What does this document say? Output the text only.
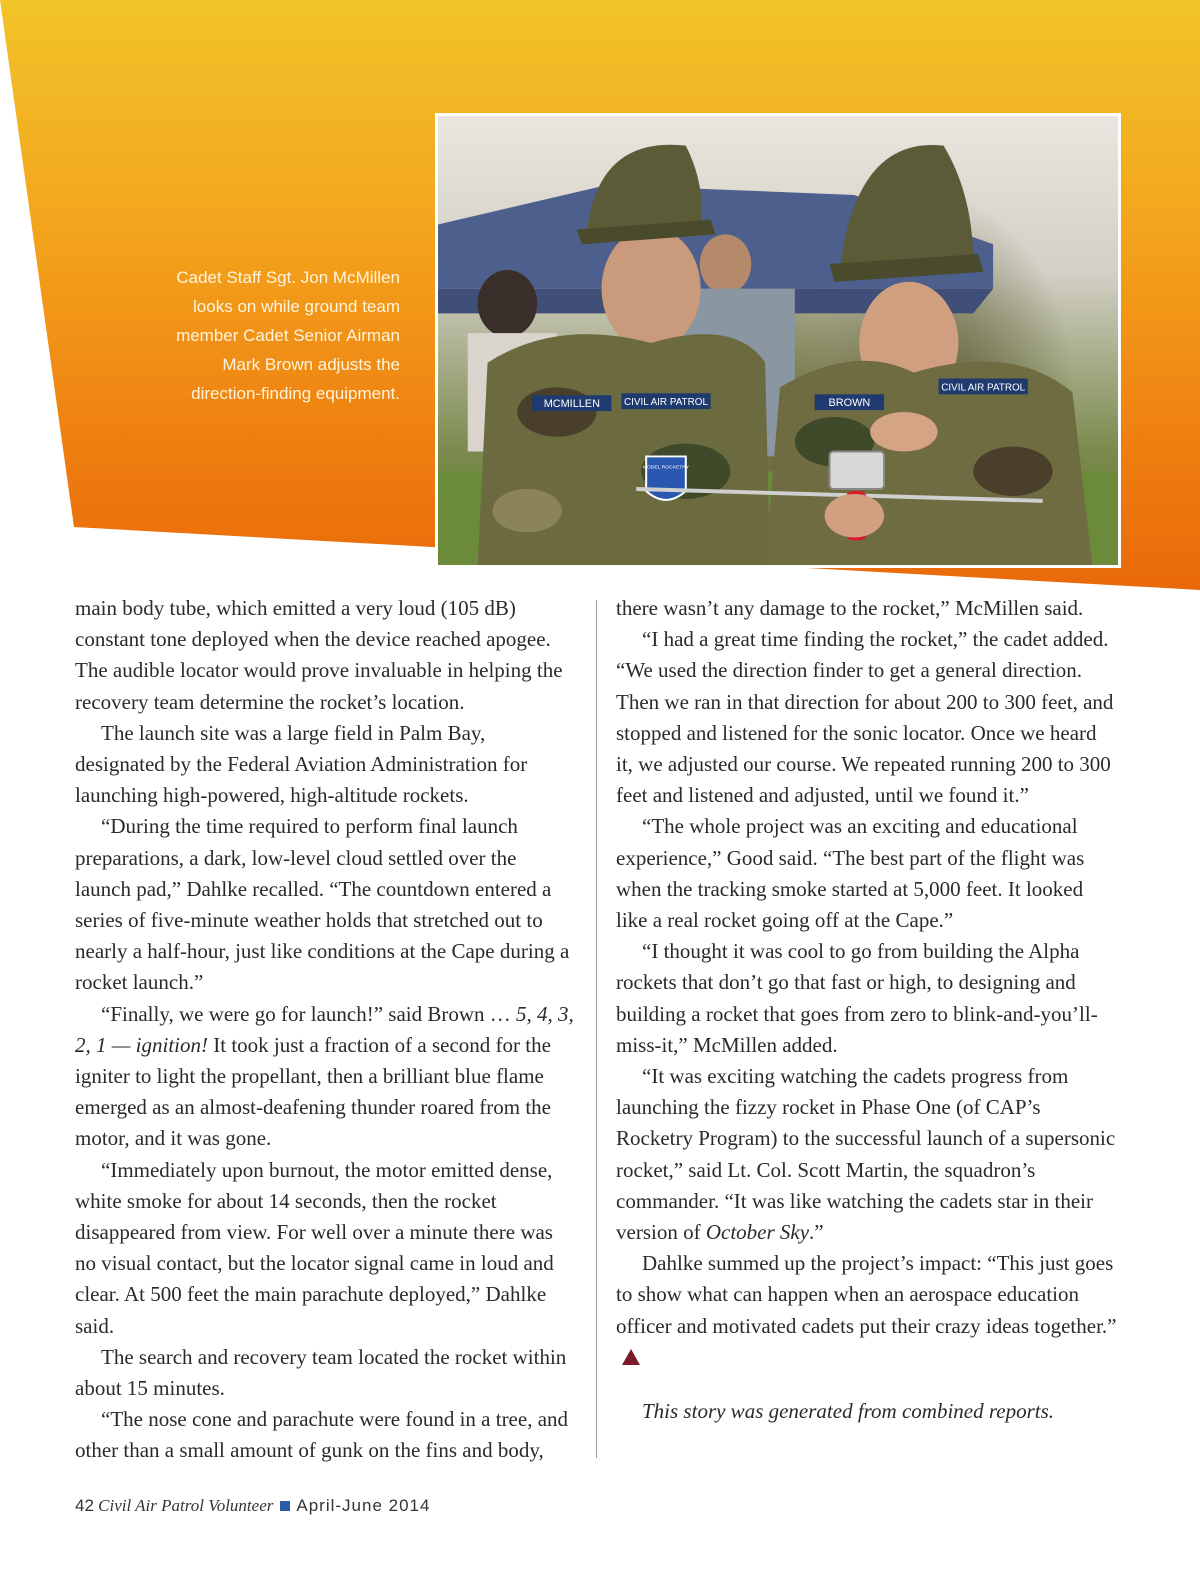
MCMILLEN CIVIL AIR PATROL
MODEL ROCKETRY
BROWN
CIVIL AIR PATROL
Cadet Staff Sgt. Jon McMillen looks on while ground team member Cadet Senior Airman Mark Brown adjusts the direction-finding equipment.

main body tube, which emitted a very loud (105 dB) constant tone deployed when the device reached apogee. The audible locator would prove invaluable in helping the recovery team determine the rocket’s location.

The launch site was a large field in Palm Bay, designated by the Federal Aviation Administration for launching high-powered, high-altitude rockets.

“During the time required to perform final launch preparations, a dark, low-level cloud settled over the launch pad,” Dahlke recalled. “The countdown entered a series of five-minute weather holds that stretched out to nearly a half-hour, just like conditions at the Cape during a rocket launch.”

“Finally, we were go for launch!” said Brown … 5, 4, 3, 2, 1 — ignition! It took just a fraction of a second for the igniter to light the propellant, then a brilliant blue flame emerged as an almost-deafening thunder roared from the motor, and it was gone.

“Immediately upon burnout, the motor emitted dense, white smoke for about 14 seconds, then the rocket disappeared from view. For well over a minute there was no visual contact, but the locator signal came in loud and clear. At 500 feet the main parachute deployed,” Dahlke said.

The search and recovery team located the rocket within about 15 minutes.

“The nose cone and parachute were found in a tree, and other than a small amount of gunk on the fins and body,

there wasn’t any damage to the rocket,” McMillen said.

“I had a great time finding the rocket,” the cadet added. “We used the direction finder to get a general direction. Then we ran in that direction for about 200 to 300 feet, and stopped and listened for the sonic locator. Once we heard it, we adjusted our course. We repeated running 200 to 300 feet and listened and adjusted, until we found it.”

“The whole project was an exciting and educational experience,” Good said. “The best part of the flight was when the tracking smoke started at 5,000 feet. It looked like a real rocket going off at the Cape.”

“I thought it was cool to go from building the Alpha rockets that don’t go that fast or high, to designing and building a rocket that goes from zero to blink-and-you’ll-miss-it,” McMillen added.

“It was exciting watching the cadets progress from launching the fizzy rocket in Phase One (of CAP’s Rocketry Program) to the successful launch of a supersonic rocket,” said Lt. Col. Scott Martin, the squadron’s commander. “It was like watching the cadets star in their version of October Sky.”

Dahlke summed up the project’s impact: “This just goes to show what can happen when an aerospace education officer and motivated cadets put their crazy ideas together.”

This story was generated from combined reports.

42 Civil Air Patrol Volunteer April-June 2014
